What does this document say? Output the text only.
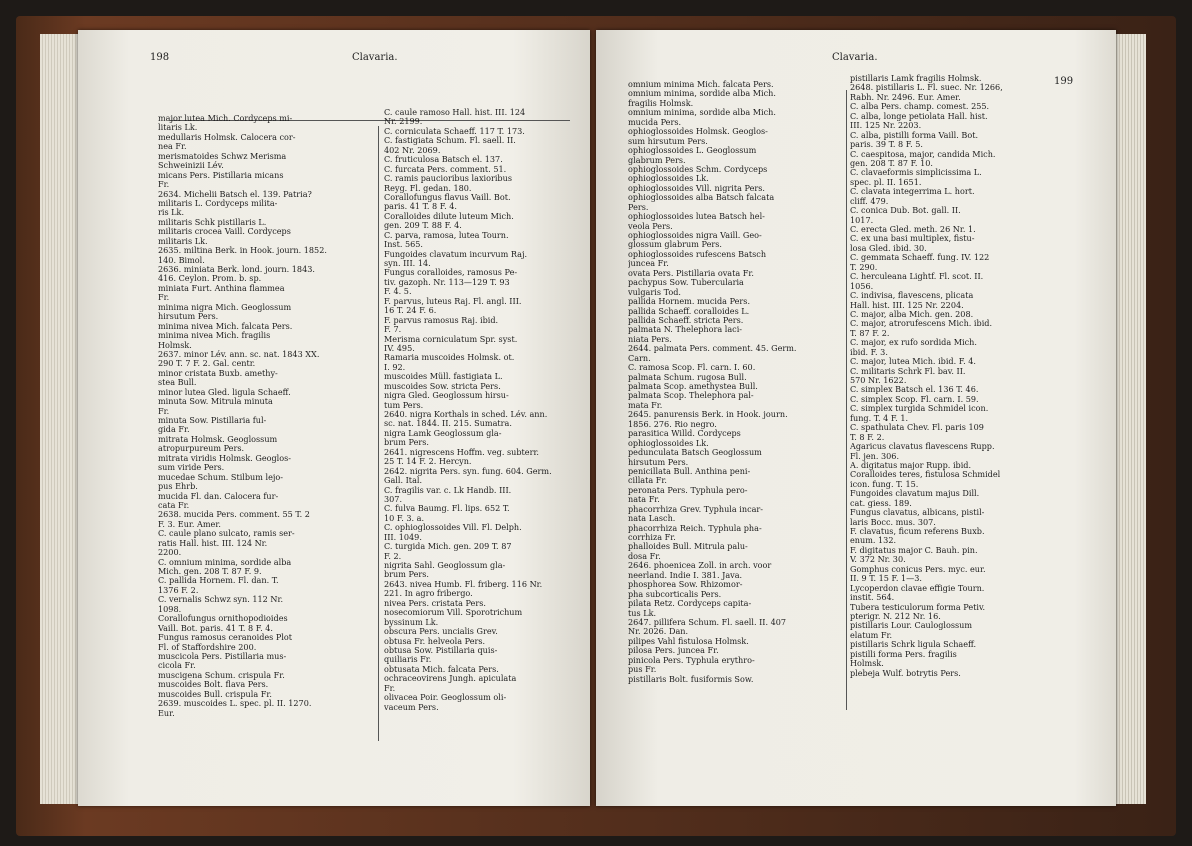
198	Clavaria.	Clavaria.
199
major lutea Mich. Cordyceps mi-
litaris Lk.
medullaris Holmsk. Calocera cor-
nea Fr.
merismatoides Schwz Merisma
Schweinizii Lév.
micans Pers. Pistillaria micans
Fr.
2634. Michelii Batsch el. 139. Patria?
militaris L. Cordyceps milita-
ris Lk.
militaris Schk pistillaris L.
militaris crocea Vaill. Cordyceps
militaris Lk.
2635. miltina Berk. in Hook. journ. 1852.
140. Bimol.
2636. miniata Berk. lond. journ. 1843.
416. Ceylon. Prom. b. sp.
miniata Furt. Anthina flammea
Fr.
minima nigra Mich. Geoglossum
hirsutum Pers.
minima nivea Mich. falcata Pers.
minima nivea Mich. fragilis
Holmsk.
2637. minor Lév. ann. sc. nat. 1843 XX.
290 T. 7 F. 2. Gal. centr.
minor cristata Buxb. amethy-
stea Bull.
minor lutea Gled. ligula Schaeff.
minuta Sow. Mitrula minuta
Fr.
minuta Sow. Pistillaria ful-
gida Fr.
mitrata Holmsk. Geoglossum
atropurpureum Pers.
mitrata viridis Holmsk. Geoglos-
sum viride Pers.
mucedae Schum. Stilbum lejo-
pus Ehrb.
mucida Fl. dan. Calocera fur-
cata Fr.
2638. mucida Pers. comment. 55 T. 2
F. 3. Eur. Amer.
C. caule plano sulcato, ramis ser-
ratis Hall. hist. III. 124 Nr.
2200.
C. omnium minima, sordide alba
Mich. gen. 208 T. 87 F. 9.
C. pallida Hornem. Fl. dan. T.
1376 F. 2.
C. vernalis Schwz syn. 112 Nr.
1098.
Corallofungus ornithopodioides
Vaill. Bot. paris. 41 T. 8 F. 4.
Fungus ramosus ceranoides Plot
Fl. of Staffordshire 200.
muscicola Pers. Pistillaria mus-
cicola Fr.
muscigena Schum. crispula Fr.
muscoides Bolt. flava Pers.
muscoides Bull. crispula Fr.
2639. muscoides L. spec. pl. II. 1270.
Eur.
C. caule ramoso Hall. hist. III. 124
Nr. 2199.
C. corniculata Schaeff. 117 T. 173.
C. fastigiata Schum. Fl. saell. II.
402 Nr. 2069.
C. fruticulosa Batsch el. 137.
C. furcata Pers. comment. 51.
C. ramis paucioribus laxioribus
Reyg. Fl. gedan. 180.
Corallofungus flavus Vaill. Bot.
paris. 41 T. 8 F. 4.
Coralloides dilute luteum Mich.
gen. 209 T. 88 F. 4.
C. parva, ramosa, lutea Tourn.
Inst. 565.
Fungoides clavatum incurvum Raj.
syn. III. 14.
Fungus coralloides, ramosus Pe-
tiv. gazoph. Nr. 113—129 T. 93
F. 4. 5.
F. parvus, luteus Raj. Fl. angl. III.
16 T. 24 F. 6.
F. parvus ramosus Raj. ibid.
F. 7.
Merisma corniculatum Spr. syst.
IV. 495.
Ramaria muscoides Holmsk. ot.
I. 92.
muscoides Müll. fastigiata L.
muscoides Sow. stricta Pers.
nigra Gled. Geoglossum hirsu-
tum Pers.
2640. nigra Korthals in sched. Lév. ann.
sc. nat. 1844. II. 215. Sumatra.
nigra Lamk Geoglossum gla-
brum Pers.
2641. nigrescens Hoffm. veg. subterr.
25 T. 14 F. 2. Hercyn.
2642. nigrita Pers. syn. fung. 604. Germ.
Gall. Ital.
C. fragilis var. c. Lk Handb. III.
307.
C. fulva Baumg. Fl. lips. 652 T.
10 F. 3. a.
C. ophioglossoides Vill. Fl. Delph.
III. 1049.
C. turgida Mich. gen. 209 T. 87
F. 2.
nigrita Sahl. Geoglossum gla-
brum Pers.
2643. nivea Humb. Fl. friberg. 116 Nr.
221. In agro fribergo.
nivea Pers. cristata Pers.
nosecomiorum Vill. Sporotrichum
byssinum Lk.
obscura Pers. uncialis Grev.
obtusa Fr. helveola Pers.
obtusa Sow. Pistillaria quis-
quiliaris Fr.
obtusata Mich. falcata Pers.
ochraceovirens Jungh. apiculata
Fr.
olivacea Poir. Geoglossum oli-
vaceum Pers.
omnium minima Mich. falcata Pers.
omnium minima, sordide alba Mich.
fragilis Holmsk.
omnium minima, sordide alba Mich.
mucida Pers.
ophioglossoides Holmsk. Geoglos-
sum hirsutum Pers.
ophioglossoides L. Geoglossum
glabrum Pers.
ophioglossoides Schm. Cordyceps
ophioglossoides Lk.
ophioglossoides Vill. nigrita Pers.
ophioglossoides alba Batsch falcata
Pers.
ophioglossoides lutea Batsch hel-
veola Pers.
ophioglossoides nigra Vaill. Geo-
glossum glabrum Pers.
ophioglossoides rufescens Batsch
juncea Fr.
ovata Pers. Pistillaria ovata Fr.
pachypus Sow. Tubercularia
vulgaris Tod.
pallida Hornem. mucida Pers.
pallida Schaeff. coralloides L.
pallida Schaeff. stricta Pers.
palmata N. Thelephora laci-
niata Pers.
2644. palmata Pers. comment. 45. Germ.
Carn.
C. ramosa Scop. Fl. carn. I. 60.
palmata Schum. rugosa Bull.
palmata Scop. amethystea Bull.
palmata Scop. Thelephora pal-
mata Fr.
2645. panurensis Berk. in Hook. journ.
1856. 276. Rio negro.
parasitica Willd. Cordyceps
ophioglossoides Lk.
pedunculata Batsch Geoglossum
hirsutum Pers.
penicillata Bull. Anthina peni-
cillata Fr.
peronata Pers. Typhula pero-
nata Fr.
phacorrhiza Grev. Typhula incar-
nata Lasch.
phacorrhiza Reich. Typhula pha-
corrhiza Fr.
phalloides Bull. Mitrula palu-
dosa Fr.
2646. phoenicea Zoll. in arch. voor
neerland. Indie I. 381. Java.
phosphorea Sow. Rhizomor-
pha subcorticalis Pers.
pilata Retz. Cordyceps capita-
tus Lk.
2647. pillifera Schum. Fl. saell. II. 407
Nr. 2026. Dan.
pilipes Vahl fistulosa Holmsk.
pilosa Pers. juncea Fr.
pinicola Pers. Typhula erythro-
pus Fr.
pistillaris Bolt. fusiformis Sow.
pistillaris Lamk fragilis Holmsk.
2648. pistillaris L. Fl. suec. Nr. 1266,
Rabh. Nr. 2496. Eur. Amer.
C. alba Pers. champ. comest. 255.
C. alba, longe petiolata Hall. hist.
III. 125 Nr. 2203.
C. alba, pistilli forma Vaill. Bot.
paris. 39 T. 8 F. 5.
C. caespitosa, major, candida Mich.
gen. 208 T. 87 F. 10.
C. clavaeformis simplicissima L.
spec. pl. II. 1651.
C. clavata integerrima L. hort.
cliff. 479.
C. conica Dub. Bot. gall. II.
1017.
C. erecta Gled. meth. 26 Nr. 1.
C. ex una basi multiplex, fistu-
losa Gled. ibid. 30.
C. gemmata Schaeff. fung. IV. 122
T. 290.
C. herculeana Lightf. Fl. scot. II.
1056.
C. indivisa, flavescens, plicata
Hall. hist. III. 125 Nr. 2204.
C. major, alba Mich. gen. 208.
C. major, atrorufescens Mich. ibid.
T. 87 F. 2.
C. major, ex rufo sordida Mich.
ibid. F. 3.
C. major, lutea Mich. ibid. F. 4.
C. militaris Schrk Fl. bav. II.
570 Nr. 1622.
C. simplex Batsch el. 136 T. 46.
C. simplex Scop. Fl. carn. I. 59.
C. simplex turgida Schmidel icon.
fung. T. 4 F. 1.
C. spathulata Chev. Fl. paris 109
T. 8 F. 2.
Agaricus clavatus flavescens Rupp.
Fl. jen. 306.
A. digitatus major Rupp. ibid.
Coralloides teres, fistulosa Schmidel
icon. fung. T. 15.
Fungoides clavatum majus Dill.
cat. giess. 189.
Fungus clavatus, albicans, pistil-
laris Bocc. mus. 307.
F. clavatus, ficum referens Buxb.
enum. 132.
F. digitatus major C. Bauh. pin.
V. 372 Nr. 30.
Gomphus conicus Pers. myc. eur.
II. 9 T. 15 F. 1—3.
Lycoperdon clavae effigie Tourn.
instit. 564.
Tubera testiculorum forma Petiv.
pterigr. N. 212 Nr. 16.
pistillaris Lour. Cauloglossum
elatum Fr.
pistillaris Schrk ligula Schaeff.
pistilli forma Pers. fragilis
Holmsk.
plebeja Wulf. botrytis Pers.
